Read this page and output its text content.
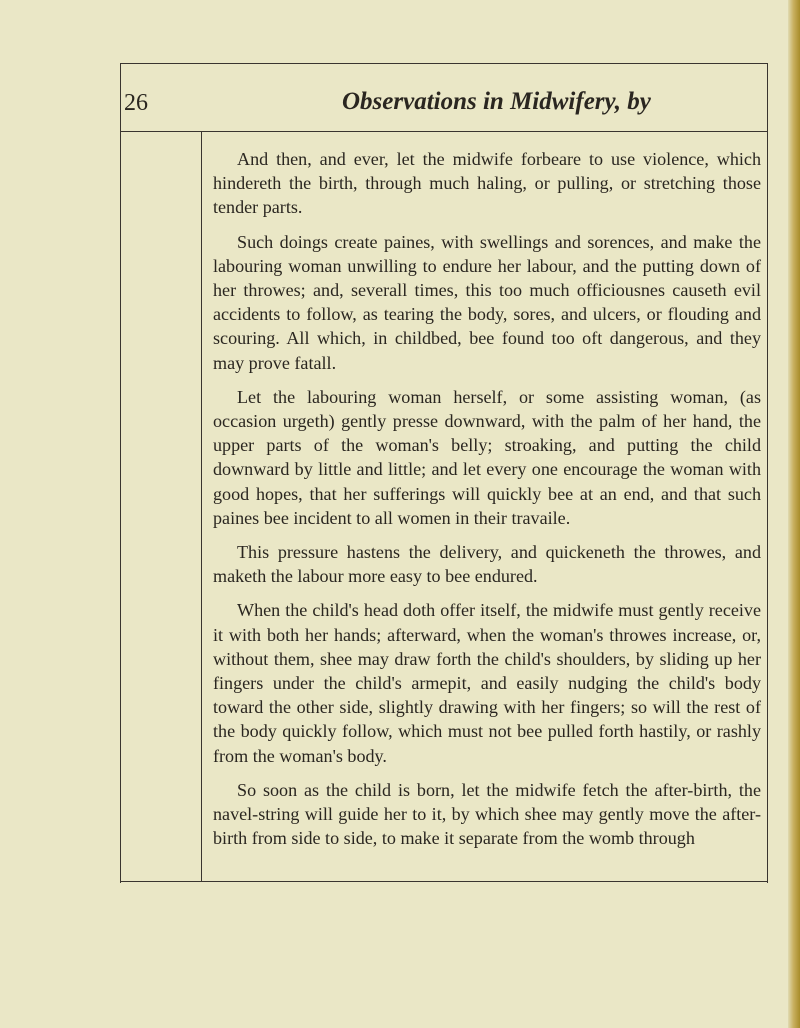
26	Observations in Midwifery, by

And then, and ever, let the midwife forbeare to use violence, which hindereth the birth, through much haling, or pulling, or stretching those tender parts.

Such doings create paines, with swellings and sorences, and make the labouring woman unwilling to endure her labour, and the putting down of her throwes; and, severall times, this too much officiousnes causeth evil accidents to follow, as tearing the body, sores, and ulcers, or flouding and scouring. All which, in childbed, bee found too oft dangerous, and they may prove fatall.

Let the labouring woman herself, or some assisting woman, (as occasion urgeth) gently presse downward, with the palm of her hand, the upper parts of the woman's belly; stroaking, and putting the child downward by little and little; and let every one encourage the woman with good hopes, that her sufferings will quickly bee at an end, and that such paines bee incident to all women in their travaile.

This pressure hastens the delivery, and quickeneth the throwes, and maketh the labour more easy to bee endured.

When the child's head doth offer itself, the midwife must gently receive it with both her hands; afterward, when the woman's throwes increase, or, without them, shee may draw forth the child's shoulders, by sliding up her fingers under the child's armepit, and easily nudging the child's body toward the other side, slightly drawing with her fingers; so will the rest of the body quickly follow, which must not bee pulled forth hastily, or rashly from the woman's body.

So soon as the child is born, let the midwife fetch the after-birth, the navel-string will guide her to it, by which shee may gently move the after-birth from side to side, to make it separate from the womb through
